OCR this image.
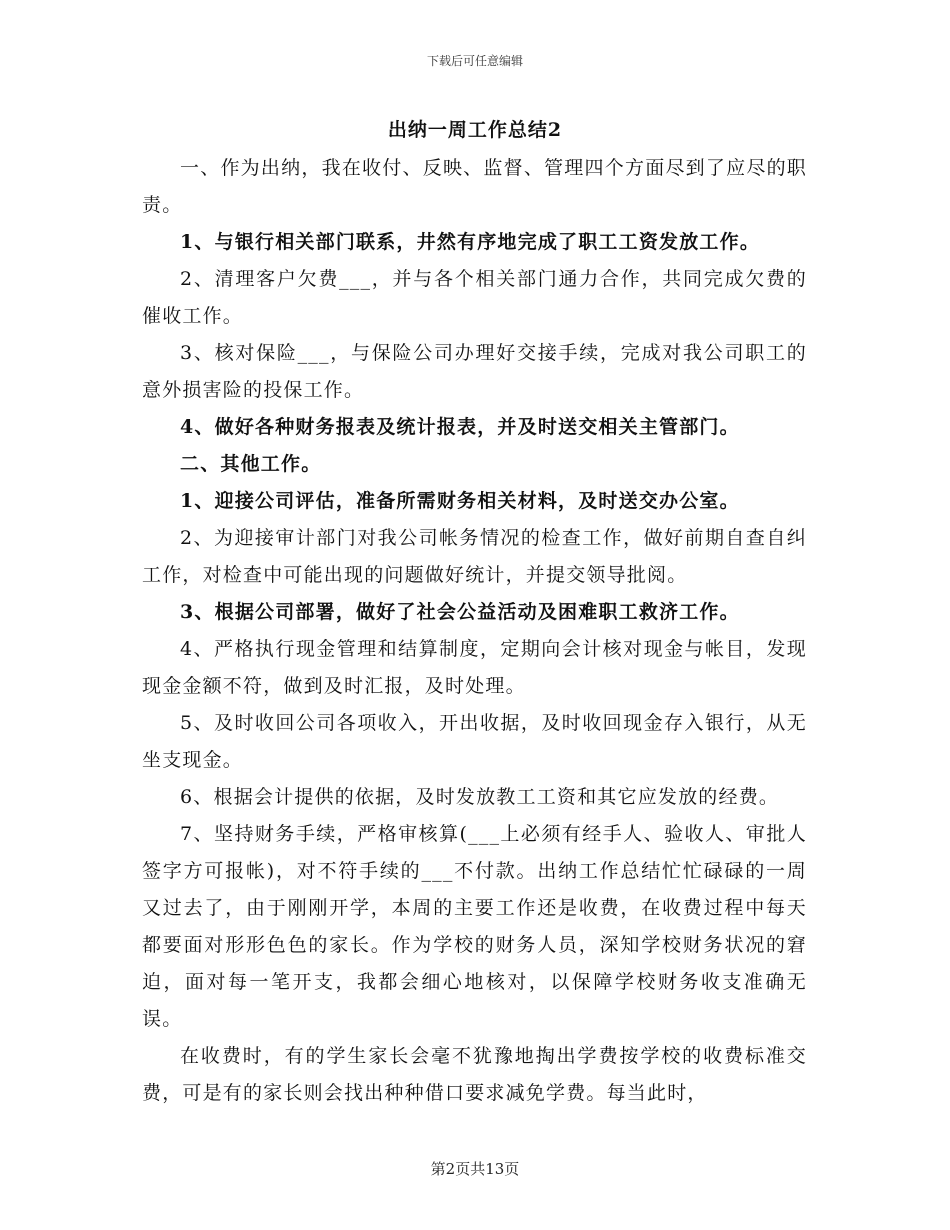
下载后可任意编辑
出纳一周工作总结2

一、作为出纳，我在收付、反映、监督、管理四个方面尽到了应尽的职责。

1、与银行相关部门联系，井然有序地完成了职工工资发放工作。

2、清理客户欠费___，并与各个相关部门通力合作，共同完成欠费的催收工作。

3、核对保险___，与保险公司办理好交接手续，完成对我公司职工的意外损害险的投保工作。

4、做好各种财务报表及统计报表，并及时送交相关主管部门。

二、其他工作。

1、迎接公司评估，准备所需财务相关材料，及时送交办公室。

2、为迎接审计部门对我公司帐务情况的检查工作，做好前期自查自纠工作，对检查中可能出现的问题做好统计，并提交领导批阅。

3、根据公司部署，做好了社会公益活动及困难职工救济工作。

4、严格执行现金管理和结算制度，定期向会计核对现金与帐目，发现现金金额不符，做到及时汇报，及时处理。

5、及时收回公司各项收入，开出收据，及时收回现金存入银行，从无坐支现金。

6、根据会计提供的依据，及时发放教工工资和其它应发放的经费。

7、坚持财务手续，严格审核算(___上必须有经手人、验收人、审批人签字方可报帐)，对不符手续的___不付款。出纳工作总结忙忙碌碌的一周又过去了，由于刚刚开学，本周的主要工作还是收费，在收费过程中每天都要面对形形色色的家长。作为学校的财务人员，深知学校财务状况的窘迫，面对每一笔开支，我都会细心地核对，以保障学校财务收支准确无误。

在收费时，有的学生家长会毫不犹豫地掏出学费按学校的收费标准交费，可是有的家长则会找出种种借口要求减免学费。每当此时，

第2页共13页
